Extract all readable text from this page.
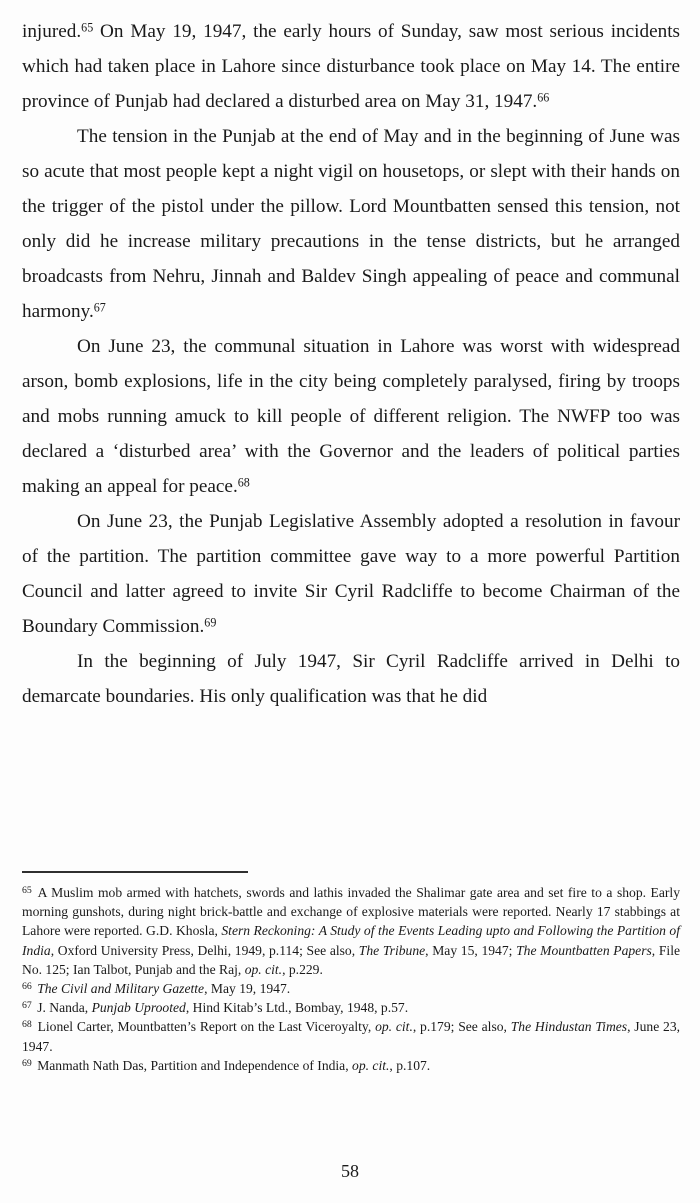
injured.$^{65}$ On May 19, 1947, the early hours of Sunday, saw most serious incidents which had taken place in Lahore since disturbance took place on May 14. The entire province of Punjab had declared a disturbed area on May 31, 1947.66

The tension in the Punjab at the end of May and in the beginning of June was so acute that most people kept a night vigil on housetops, or slept with their hands on the trigger of the pistol under the pillow. Lord Mountbatten sensed this tension, not only did he increase military precautions in the tense districts, but he arranged broadcasts from Nehru, Jinnah and Baldev Singh appealing of peace and communal harmony.$^{67}$

On June 23, the communal situation in Lahore was worst with widespread arson, bomb explosions, life in the city being completely paralysed, firing by troops and mobs running amuck to kill people of different religion. The NWFP too was declared a ‘disturbed area’ with the Governor and the leaders of political parties making an appeal for peace.$^{68}$

On June 23, the Punjab Legislative Assembly adopted a resolution in favour of the partition. The partition committee gave way to a more powerful Partition Council and latter agreed to invite Sir Cyril Radcliffe to become Chairman of the Boundary Commission.$^{69}$

In the beginning of July 1947, Sir Cyril Radcliffe arrived in Delhi to demarcate boundaries. His only qualification was that he did

$^{65}$ A Muslim mob armed with hatchets, swords and lathis invaded the Shalimar gate area and set fire to a shop. Early morning gunshots, during night brick-battle and exchange of explosive materials were reported. Nearly 17 stabbings at Lahore were reported. G.D. Khosla, Stern Reckoning: A Study of the Events Leading upto and Following the Partition of India, Oxford University Press, Delhi, 1949, p.114; See also, The Tribune, May 15, 1947; The Mountbatten Papers, File No. 125; Ian Talbot, Punjab and the Raj, op. cit., p.229.

$^{66}$ The Civil and Military Gazette, May 19, 1947.

$^{67}$ J. Nanda, Punjab Uprooted, Hind Kitab’s Ltd., Bombay, 1948, p.57.

$^{68}$ Lionel Carter, Mountbatten’s Report on the Last Viceroyalty, op. cit., p.179; See also, The Hindustan Times, June 23, 1947.

$^{69}$ Manmath Nath Das, Partition and Independence of India, op. cit., p.107.

58
